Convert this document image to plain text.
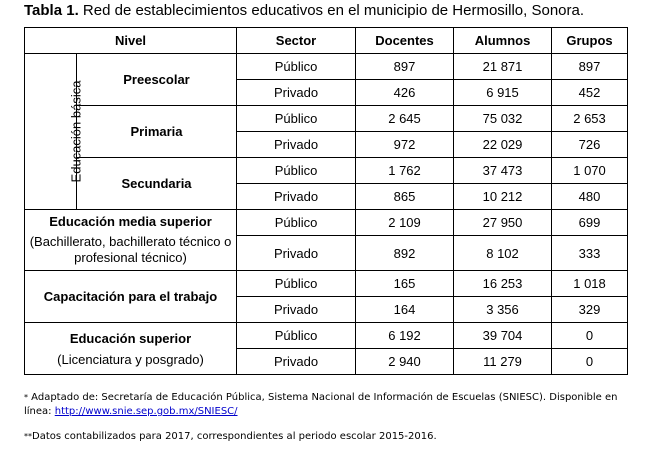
Tabla 1. Red de establecimientos educativos en el municipio de Hermosillo, Sonora.
Nivel		Sector	Docentes	Alumnos	Grupos
Educación básica	Preescolar	Público	897	21 871	897
		Privado	426	6 915	452
	Primaria	Público	2 645	75 032	2 653
		Privado	972	22 029	726
	Secundaria	Público	1 762	37 473	1 070
		Privado	865	10 212	480

Educación media superior
(Bachillerato, bachillerato técnico o profesional técnico)		Público	2 109	27 950	699
		Privado	892	8 102	333
Capacitación para el trabajo		Público	165	16 253	1 018
		Privado	164	3 356	329

Educación superior
(Licenciatura y posgrado)		Público	6 192	39 704	0
		Privado	2 940	11 279	0
* Adaptado de: Secretaría de Educación Pública, Sistema Nacional de Información de Escuelas (SNIESC). Disponible en línea: http://www.snie.sep.gob.mx/SNIESC/
**Datos contabilizados para 2017, correspondientes al periodo escolar 2015-2016.
